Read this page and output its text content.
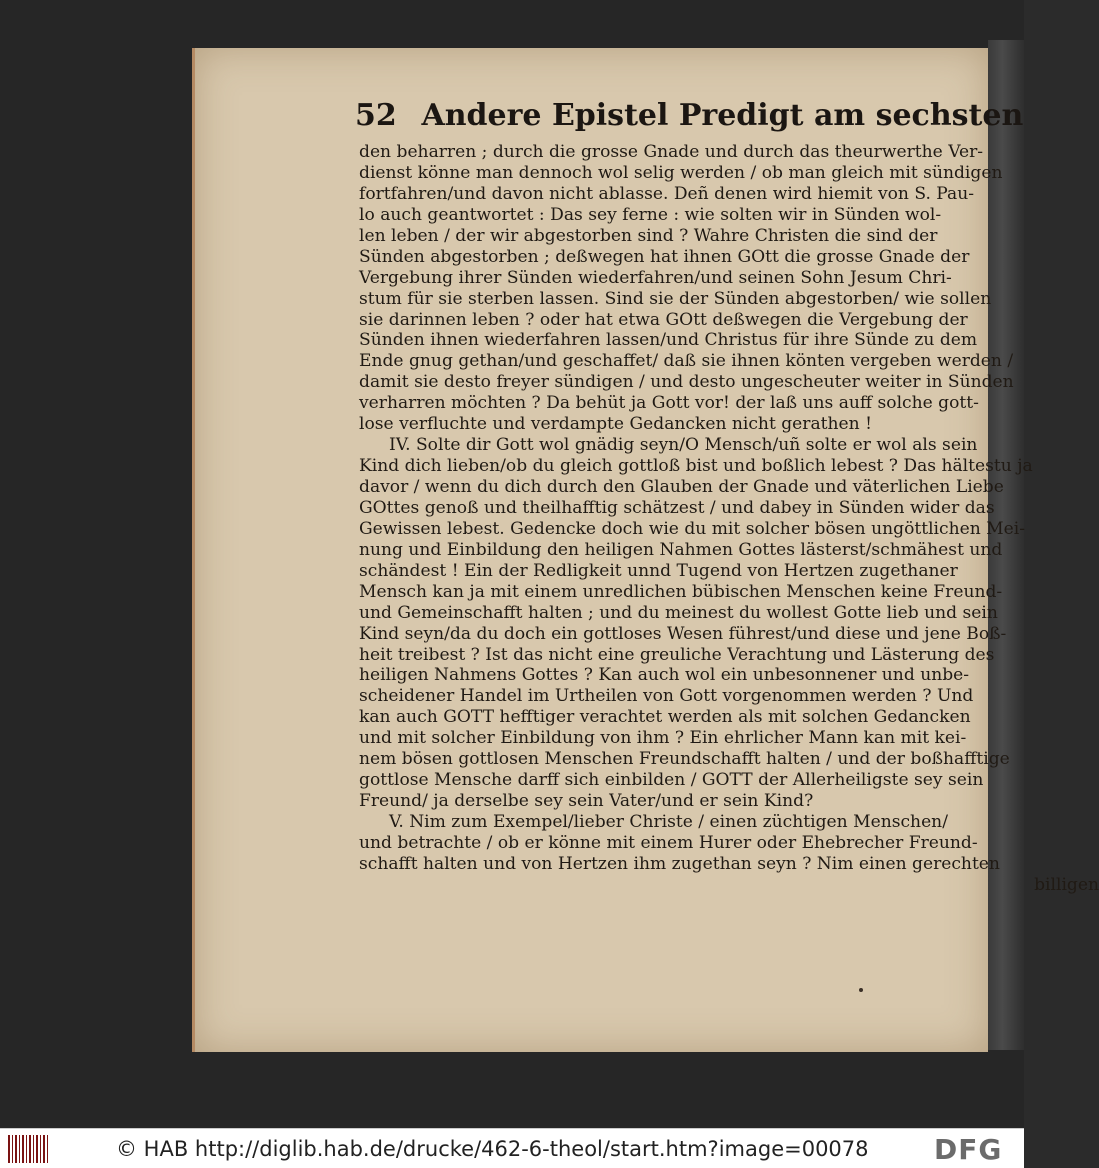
52 Andere Epistel Predigt am sechsten
den beharren ; durch die grosse Gnade und durch das theurwerthe Ver-
dienst könne man dennoch wol selig werden / ob man gleich mit sündigen
fortfahren/und davon nicht ablasse. Deñ denen wird hiemit von S. Pau-
lo auch geantwortet : Das sey ferne : wie solten wir in Sünden wol-
len leben / der wir abgestorben sind ? Wahre Christen die sind der
Sünden abgestorben ; deßwegen hat ihnen GOtt die grosse Gnade der
Vergebung ihrer Sünden wiederfahren/und seinen Sohn Jesum Chri-
stum für sie sterben lassen. Sind sie der Sünden abgestorben/ wie sollen
sie darinnen leben ? oder hat etwa GOtt deßwegen die Vergebung der
Sünden ihnen wiederfahren lassen/und Christus für ihre Sünde zu dem
Ende gnug gethan/und geschaffet/ daß sie ihnen könten vergeben werden /
damit sie desto freyer sündigen / und desto ungescheuter weiter in Sünden
verharren möchten ? Da behüt ja Gott vor! der laß uns auff solche gott-
lose verfluchte und verdampte Gedancken nicht gerathen !
IV. Solte dir Gott wol gnädig seyn/O Mensch/uñ solte er wol als sein
Kind dich lieben/ob du gleich gottloß bist und boßlich lebest ? Das hältestu ja
davor / wenn du dich durch den Glauben der Gnade und väterlichen Liebe
GOttes genoß und theilhafftig schätzest / und dabey in Sünden wider das
Gewissen lebest. Gedencke doch wie du mit solcher bösen ungöttlichen Mei-
nung und Einbildung den heiligen Nahmen Gottes lästerst/schmähest und
schändest ! Ein der Redligkeit unnd Tugend von Hertzen zugethaner
Mensch kan ja mit einem unredlichen bübischen Menschen keine Freund-
und Gemeinschafft halten ; und du meinest du wollest Gotte lieb und sein
Kind seyn/da du doch ein gottloses Wesen führest/und diese und jene Boß-
heit treibest ? Ist das nicht eine greuliche Verachtung und Lästerung des
heiligen Nahmens Gottes ? Kan auch wol ein unbesonnener und unbe-
scheidener Handel im Urtheilen von Gott vorgenommen werden ? Und
kan auch GOTT hefftiger verachtet werden als mit solchen Gedancken
und mit solcher Einbildung von ihm ? Ein ehrlicher Mann kan mit kei-
nem bösen gottlosen Menschen Freundschafft halten / und der boßhafftige
gottlose Mensche darff sich einbilden / GOTT der Allerheiligste sey sein
Freund/ ja derselbe sey sein Vater/und er sein Kind?
V. Nim zum Exempel/lieber Christe / einen züchtigen Menschen/
und betrachte / ob er könne mit einem Hurer oder Ehebrecher Freund-
schafft halten und von Hertzen ihm zugethan seyn ? Nim einen gerechten
billigen
© HAB http://diglib.hab.de/drucke/462-6-theol/start.htm?image=00078 DFG
